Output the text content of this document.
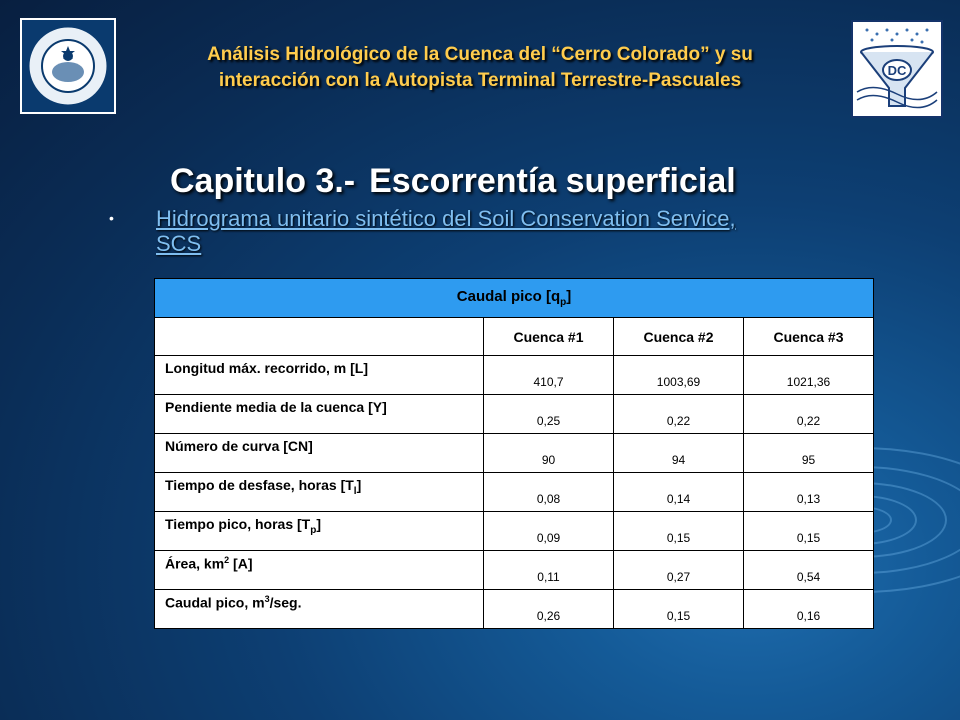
DC
Análisis Hidrológico de la Cuenca del “Cerro Colorado” y su
interacción con la Autopista Terminal Terrestre-Pascuales
Capitulo 3.- Escorrentía superficial
• Hidrograma unitario sintético del Soil Conservation Service,
SCS
Caudal pico $[q_p]$			
	Cuenca #1	Cuenca #2	Cuenca #3
Longitud máx. recorrido, m [L]	410,7	1003,69	1021,36
Pendiente media de la cuenca [Y]	0,25	0,22	0,22
Número de curva [CN]	90	94	95
Tiempo de desfase, horas $[T_l]$	0,08	0,14	0,13
Tiempo pico, horas $[T_p]$	0,09	0,15	0,15
Área, $km^2$ [A]	0,11	0,27	0,54
Caudal pico, $m^3$/seg.	0,26	0,15	0,16
